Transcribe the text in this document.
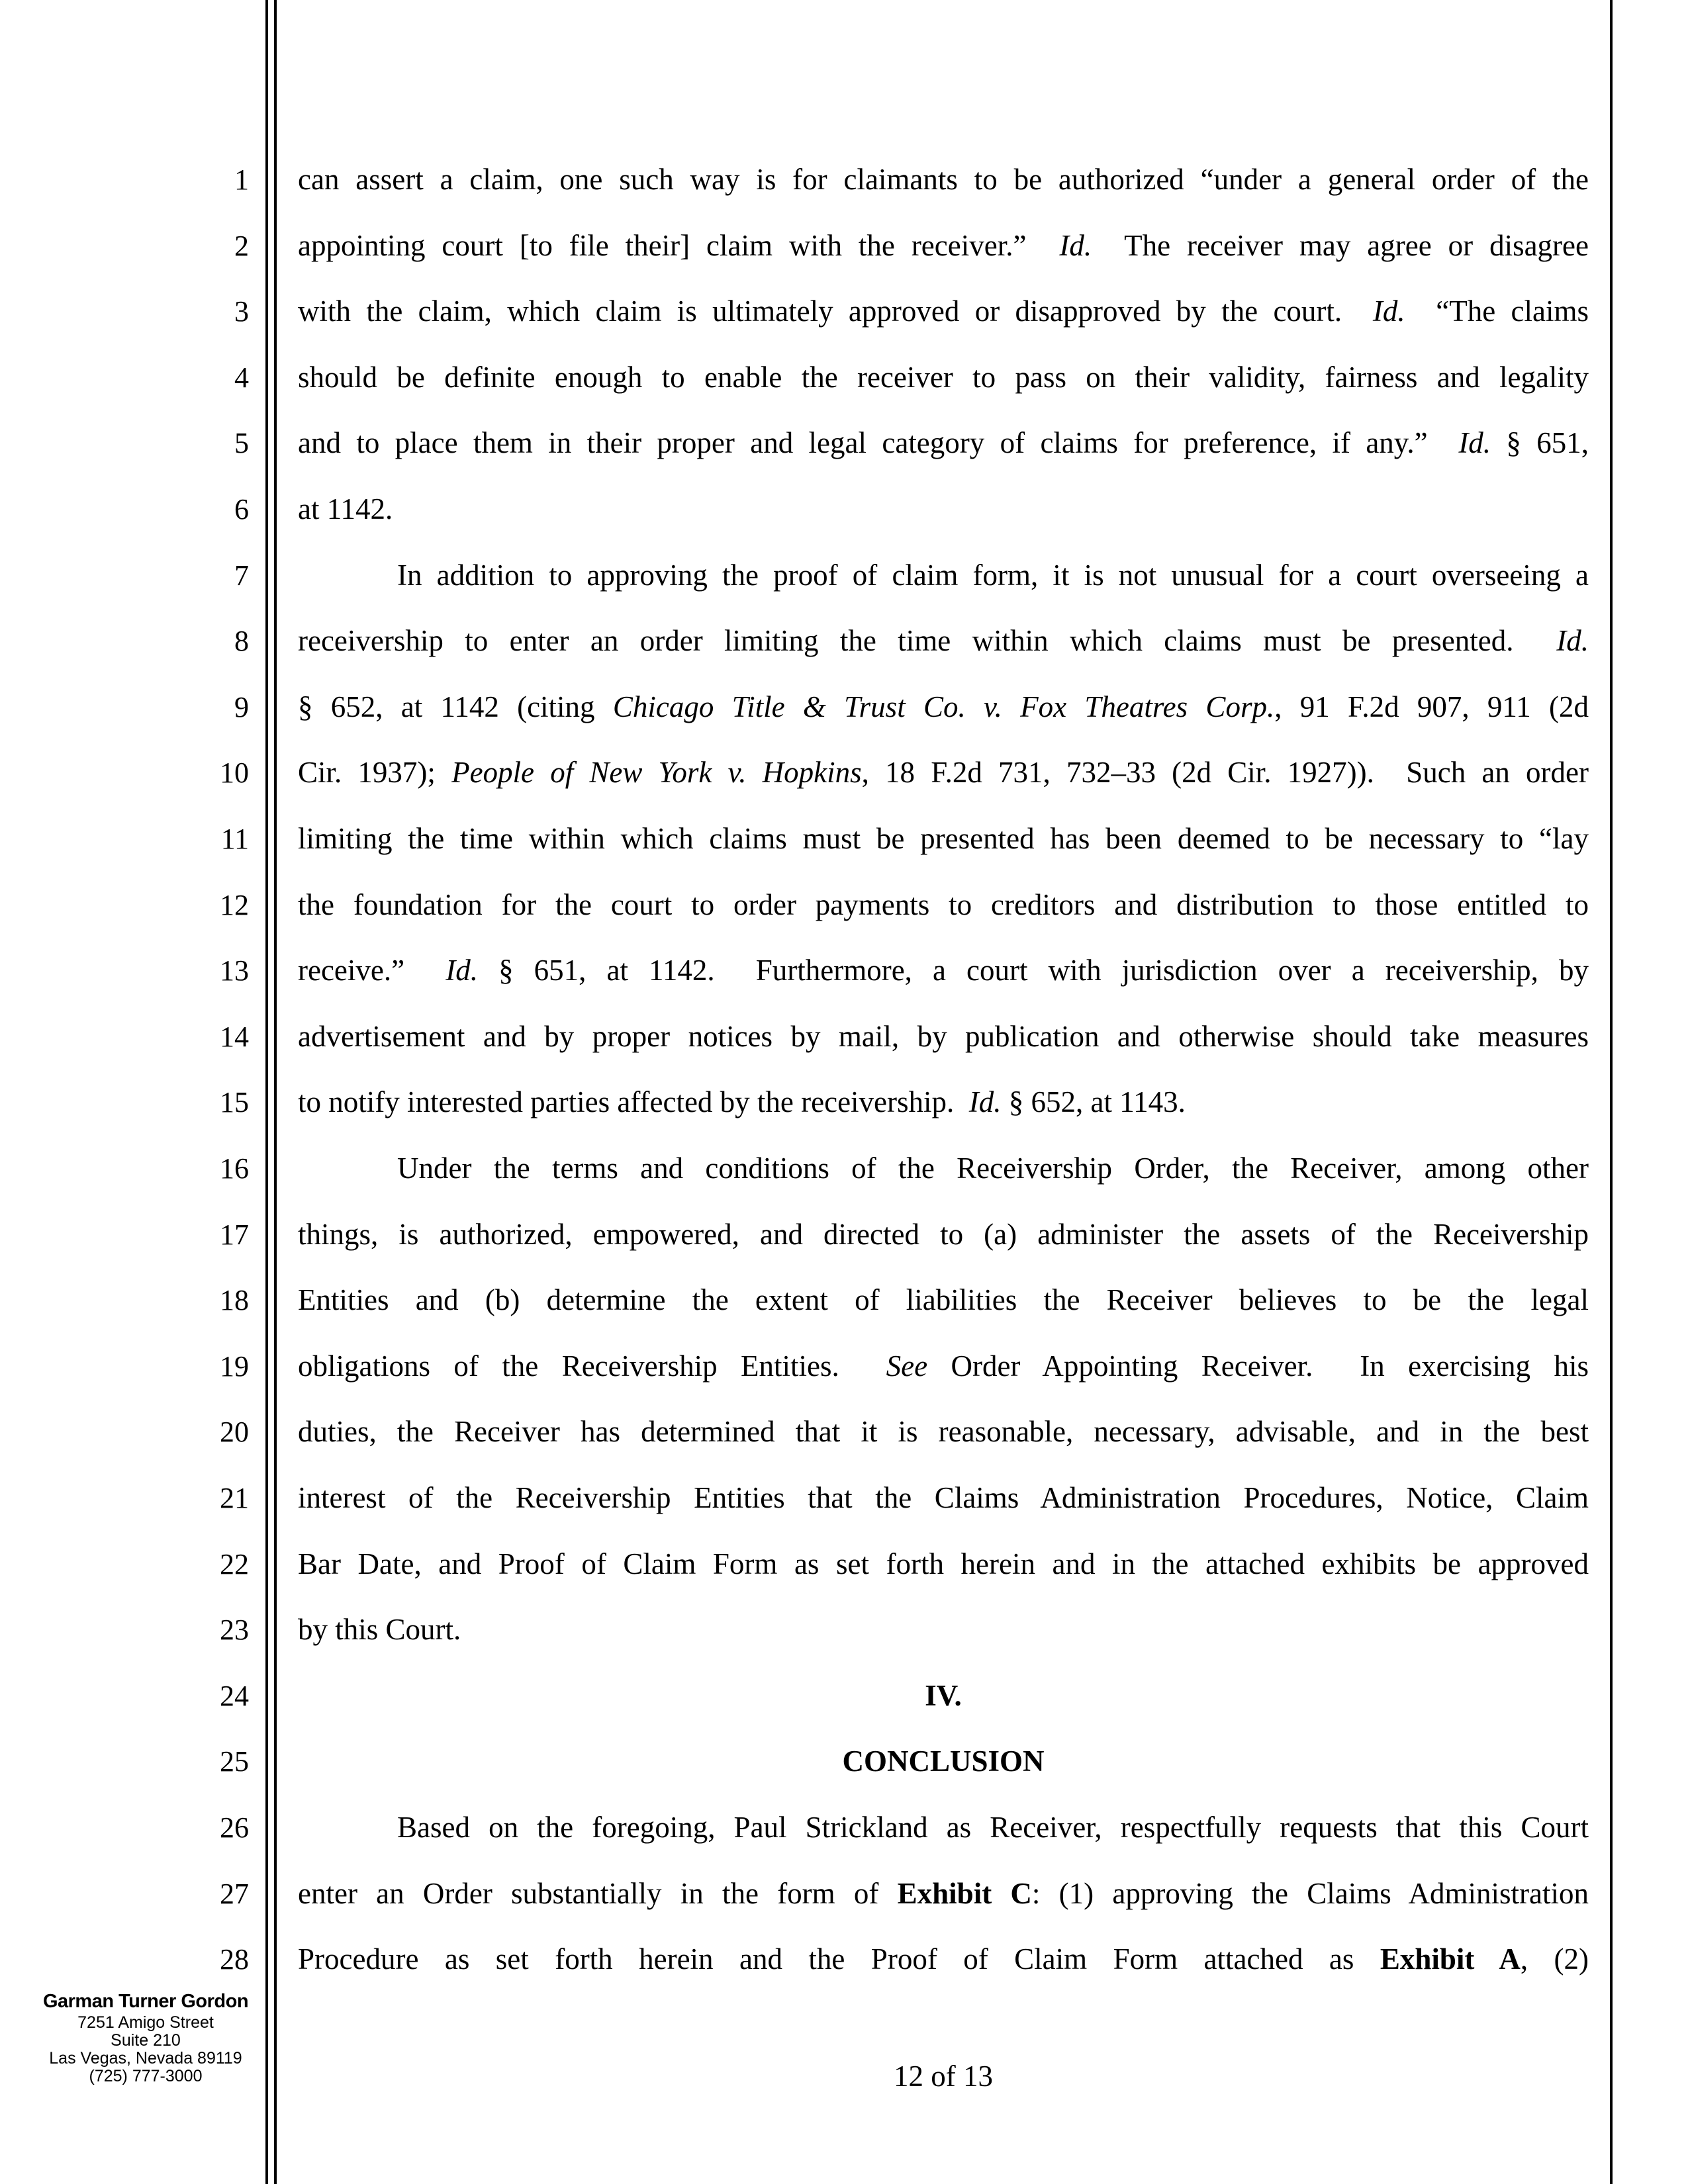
1
2
3
4
5
6
7
8
9
10
11
12
13
14
15
16
17
18
19
20
21
22
23
24
25
26
27
28
can assert a claim, one such way is for claimants to be authorized “under a general order of the
appointing court [to file their] claim with the receiver.”  Id.  The receiver may agree or disagree
with the claim, which claim is ultimately approved or disapproved by the court.  Id.  “The claims
should be definite enough to enable the receiver to pass on their validity, fairness and legality
and to place them in their proper and legal category of claims for preference, if any.”  Id. § 651,
at 1142.
In addition to approving the proof of claim form, it is not unusual for a court overseeing a
receivership to enter an order limiting the time within which claims must be presented.  Id.
§ 652, at 1142 (citing Chicago Title & Trust Co. v. Fox Theatres Corp., 91 F.2d 907, 911 (2d
Cir. 1937); People of New York v. Hopkins, 18 F.2d 731, 732–33 (2d Cir. 1927)).  Such an order
limiting the time within which claims must be presented has been deemed to be necessary to “lay
the foundation for the court to order payments to creditors and distribution to those entitled to
receive.”  Id. § 651, at 1142.  Furthermore, a court with jurisdiction over a receivership, by
advertisement and by proper notices by mail, by publication and otherwise should take measures
to notify interested parties affected by the receivership.  Id. § 652, at 1143.
Under the terms and conditions of the Receivership Order, the Receiver, among other
things, is authorized, empowered, and directed to (a) administer the assets of the Receivership
Entities and (b) determine the extent of liabilities the Receiver believes to be the legal
obligations of the Receivership Entities.  See Order Appointing Receiver.  In exercising his
duties, the Receiver has determined that it is reasonable, necessary, advisable, and in the best
interest of the Receivership Entities that the Claims Administration Procedures, Notice, Claim
Bar Date, and Proof of Claim Form as set forth herein and in the attached exhibits be approved
by this Court.
IV.
CONCLUSION
Based on the foregoing, Paul Strickland as Receiver, respectfully requests that this Court
enter an Order substantially in the form of Exhibit C: (1) approving the Claims Administration
Procedure as set forth herein and the Proof of Claim Form attached as Exhibit A, (2)
Garman Turner Gordon
7251 Amigo Street
Suite 210
Las Vegas, Nevada 89119
(725) 777-3000	12 of 13
